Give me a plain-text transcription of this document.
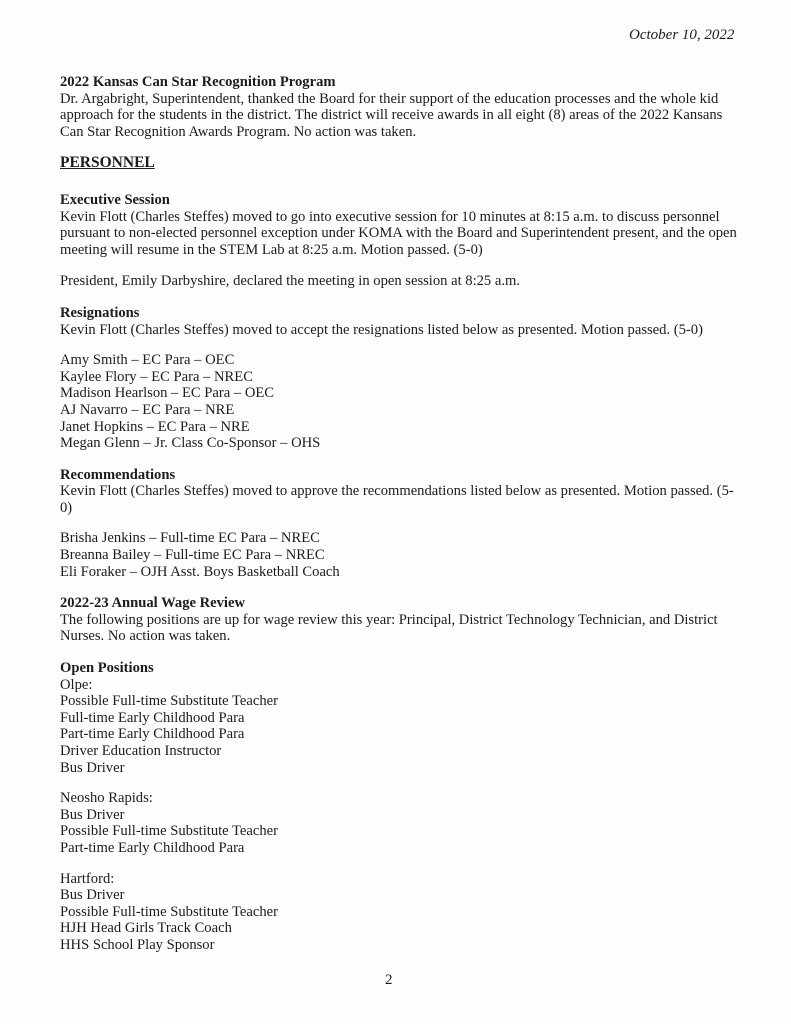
October 10, 2022
2022 Kansas Can Star Recognition Program

Dr. Argabright, Superintendent, thanked the Board for their support of the education processes and the whole kid approach for the students in the district. The district will receive awards in all eight (8) areas of the 2022 Kansans Can Star Recognition Awards Program. No action was taken.

PERSONNEL
Executive Session

Kevin Flott (Charles Steffes) moved to go into executive session for 10 minutes at 8:15 a.m. to discuss personnel pursuant to non-elected personnel exception under KOMA with the Board and Superintendent present, and the open meeting will resume in the STEM Lab at 8:25 a.m. Motion passed. (5-0)

President, Emily Darbyshire, declared the meeting in open session at 8:25 a.m.

Resignations

Kevin Flott (Charles Steffes) moved to accept the resignations listed below as presented. Motion passed. (5-0)

Amy Smith – EC Para – OEC
Kaylee Flory – EC Para – NREC
Madison Hearlson – EC Para – OEC
AJ Navarro – EC Para – NRE
Janet Hopkins – EC Para – NRE
Megan Glenn – Jr. Class Co-Sponsor – OHS
Recommendations

Kevin Flott (Charles Steffes) moved to approve the recommendations listed below as presented. Motion passed. (5-0)

Brisha Jenkins – Full-time EC Para – NREC
Breanna Bailey – Full-time EC Para – NREC
Eli Foraker – OJH Asst. Boys Basketball Coach
2022-23 Annual Wage Review

The following positions are up for wage review this year: Principal, District Technology Technician, and District Nurses. No action was taken.

Open Positions
Olpe:
Possible Full-time Substitute Teacher
Full-time Early Childhood Para
Part-time Early Childhood Para
Driver Education Instructor
Bus Driver
Neosho Rapids:
Bus Driver
Possible Full-time Substitute Teacher
Part-time Early Childhood Para
Hartford:
Bus Driver
Possible Full-time Substitute Teacher
HJH Head Girls Track Coach
HHS School Play Sponsor
2
